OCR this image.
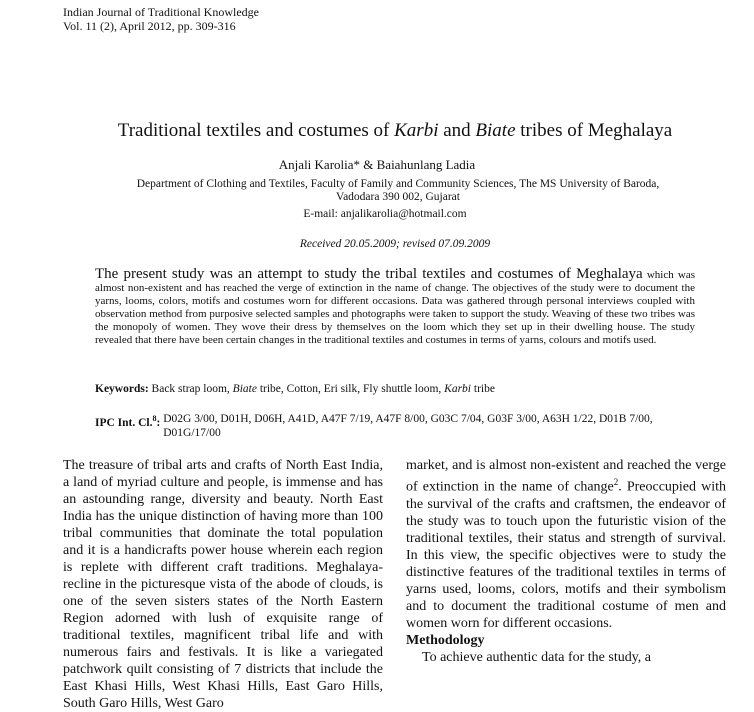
Indian Journal of Traditional Knowledge
Vol. 11 (2), April 2012, pp. 309-316
Traditional textiles and costumes of Karbi and Biate tribes of Meghalaya
Anjali Karolia* & Baiahunlang Ladia
Department of Clothing and Textiles, Faculty of Family and Community Sciences, The MS University of Baroda,
Vadodara 390 002, Gujarat
E-mail: anjalikarolia@hotmail.com
Received 20.05.2009; revised 07.09.2009
The present study was an attempt to study the tribal textiles and costumes of Meghalaya which was almost non-existent and has reached the verge of extinction in the name of change. The objectives of the study were to document the yarns, looms, colors, motifs and costumes worn for different occasions. Data was gathered through personal interviews coupled with observation method from purposive selected samples and photographs were taken to support the study. Weaving of these two tribes was the monopoly of women. They wove their dress by themselves on the loom which they set up in their dwelling house. The study revealed that there have been certain changes in the traditional textiles and costumes in terms of yarns, colours and motifs used.
Keywords: Back strap loom, Biate tribe, Cotton, Eri silk, Fly shuttle loom, Karbi tribe
IPC Int. Cl.$^8$: D02G 3/00, D01H, D06H, A41D, A47F 7/19, A47F 8/00, G03C 7/04, G03F 3/00, A63H 1/22, D01B 7/00, D01G/17/00

The treasure of tribal arts and crafts of North East India, a land of myriad culture and people, is immense and has an astounding range, diversity and beauty. North East India has the unique distinction of having more than 100 tribal communities that dominate the total population and it is a handicrafts power house wherein each region is replete with different craft traditions. Meghalaya- recline in the picturesque vista of the abode of clouds, is one of the seven sisters states of the North Eastern Region adorned with lush of exquisite range of traditional textiles, magnificent tribal life and with numerous fairs and festivals. It is like a variegated patchwork quilt consisting of 7 districts that include the East Khasi Hills, West Khasi Hills, East Garo Hills, South Garo Hills, West Garo

market, and is almost non-existent and reached the verge of extinction in the name of change$^2$. Preoccupied with the survival of the crafts and craftsmen, the endeavor of the study was to touch upon the futuristic vision of the traditional textiles, their status and strength of survival. In this view, the specific objectives were to study the distinctive features of the traditional textiles in terms of yarns used, looms, colors, motifs and their symbolism and to document the traditional costume of men and women worn for different occasions.

Methodology

To achieve authentic data for the study, a
